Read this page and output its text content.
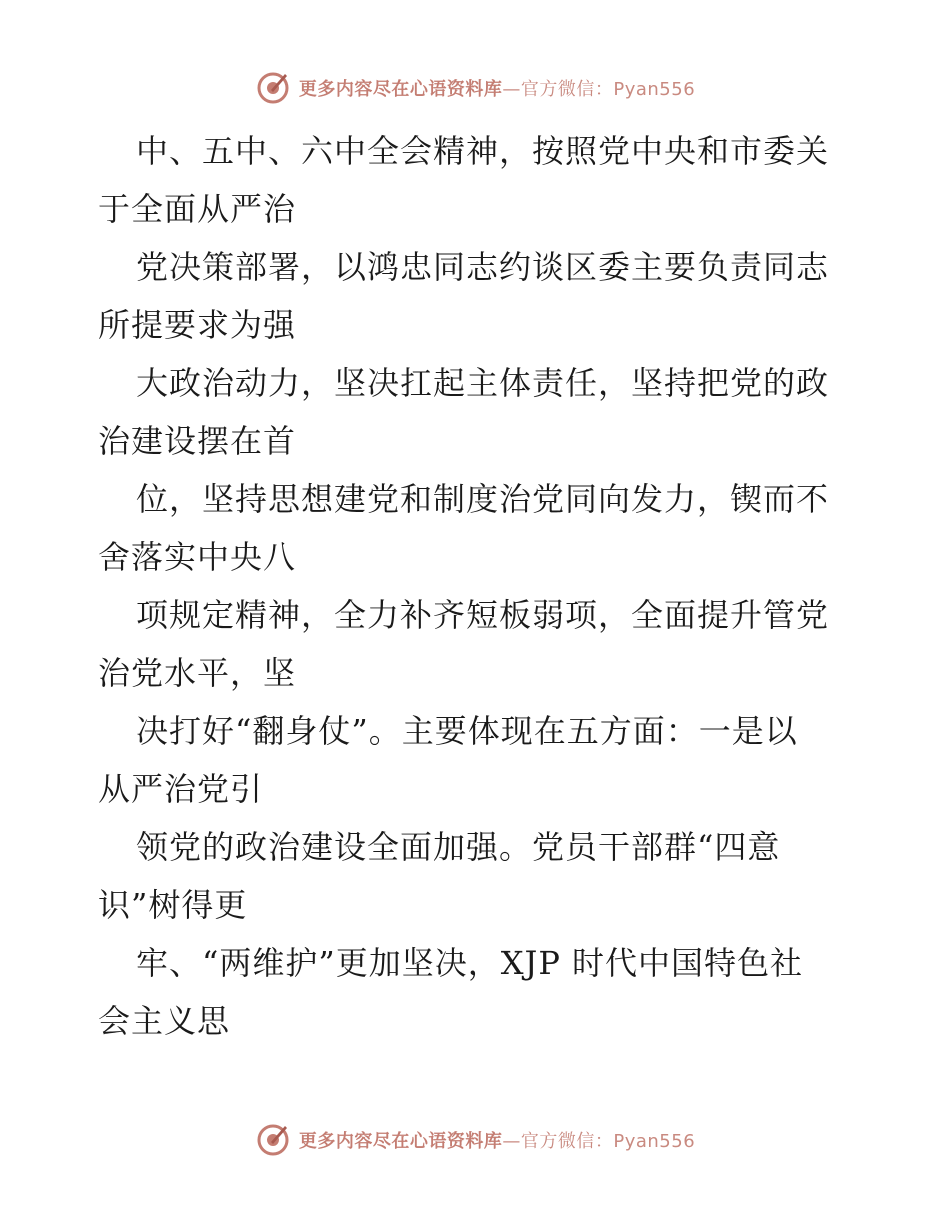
更多内容尽在心语资料库—官方微信：Pyan556

中、五中、六中全会精神，按照党中央和市委关
于全面从严治

党决策部署，以鸿忠同志约谈区委主要负责同志
所提要求为强

大政治动力，坚决扛起主体责任，坚持把党的政
治建设摆在首

位，坚持思想建党和制度治党同向发力，锲而不
舍落实中央八

项规定精神，全力补齐短板弱项，全面提升管党
治党水平，坚

决打好“翻身仗”。主要体现在五方面：一是以
从严治党引

领党的政治建设全面加强。党员干部群“四意
识”树得更

牢、“两维护”更加坚决，XJP 时代中国特色社
会主义思

更多内容尽在心语资料库—官方微信：Pyan556
